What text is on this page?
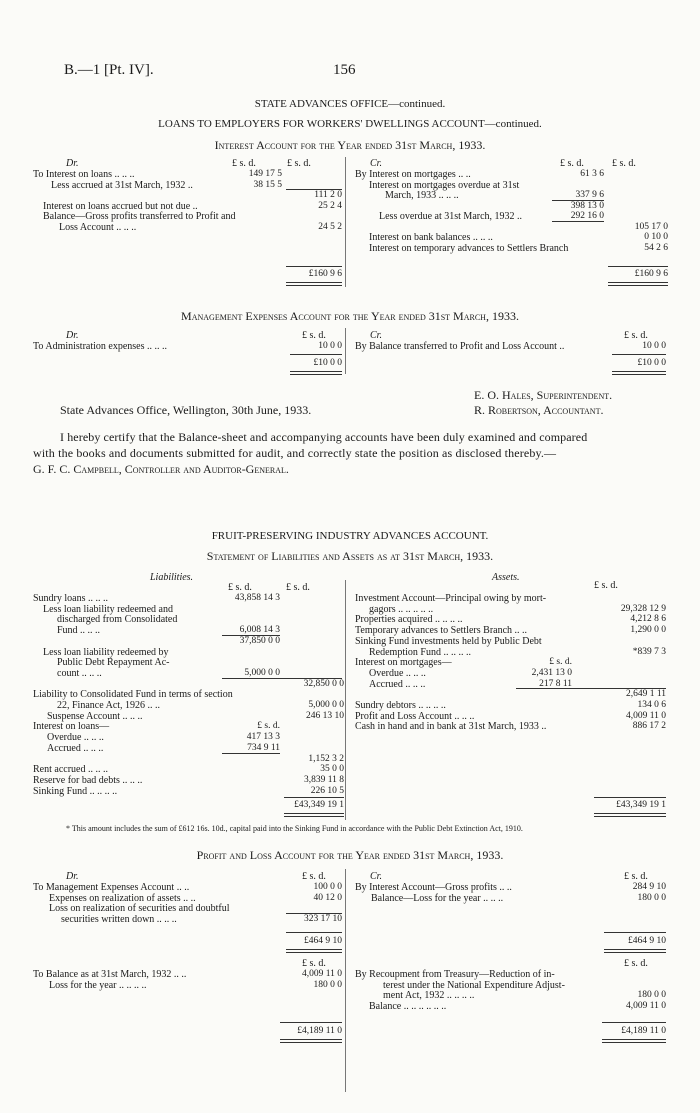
B.—1 [Pt. IV].	156
STATE ADVANCES OFFICE—continued.
LOANS TO EMPLOYERS FOR WORKERS' DWELLINGS ACCOUNT—continued.
Interest Account for the Year ended 31st March, 1933.
Dr.	£ s. d.	£ s. d.	Cr.	£ s. d.	£ s. d.
To Interest on loans .. .. ..	149 17 5
Less accrued at 31st March, 1932 ..	38 15 5
111 2 0
Interest on loans accrued but not due ..	25 2 4
Balance—Gross profits transferred to Profit and
Loss Account .. .. ..	24 5 2
By Interest on mortgages .. ..	61 3 6
Interest on mortgages overdue at 31st
March, 1933 .. .. ..	337 9 6
398 13 0
Less overdue at 31st March, 1932 ..	292 16 0
105 17 0
Interest on bank balances .. .. ..	0 10 0
Interest on temporary advances to Settlers Branch	54 2 6
£160 9 6	£160 9 6
Management Expenses Account for the Year ended 31st March, 1933.
Dr.	£ s. d.	Cr.	£ s. d.
To Administration expenses .. .. ..	10 0 0 By Balance transferred to Profit and Loss Account ..	10 0 0
£10 0 0	£10 0 0
E. O. Hales, Superintendent.
State Advances Office, Wellington, 30th June, 1933.	R. Robertson, Accountant.
I hereby certify that the Balance-sheet and accompanying accounts have been duly examined and compared
with the books and documents submitted for audit, and correctly state the position as disclosed thereby.—
G. F. C. Campbell, Controller and Auditor-General.
FRUIT-PRESERVING INDUSTRY ADVANCES ACCOUNT.
Statement of Liabilities and Assets as at 31st March, 1933.
Liabilities.	Assets.
£ s. d.	£ s. d.	£ s. d.
Sundry loans .. .. ..	43,858 14 3
Less loan liability redeemed and
discharged from Consolidated
Fund .. .. ..	6,008 14 3
37,850 0 0
Less loan liability redeemed by
Public Debt Repayment Ac-
count .. .. ..	5,000 0 0
32,850 0 0
Liability to Consolidated Fund in terms of section
22, Finance Act, 1926 .. ..	5,000 0 0
Suspense Account .. .. ..	246 13 10
Interest on loans—	£ s. d.
Overdue .. .. ..	417 13 3
Accrued .. .. ..	734 9 11
1,152 3 2
Rent accrued .. .. ..	35 0 0
Reserve for bad debts .. .. ..	3,839 11 8
Sinking Fund .. .. .. ..	226 10 5
Investment Account—Principal owing by mort-
gagors .. .. .. .. ..	29,328 12 9
Properties acquired .. .. .. ..	4,212 8 6
Temporary advances to Settlers Branch .. ..	1,290 0 0
Sinking Fund investments held by Public Debt
Redemption Fund .. .. .. ..	*839 7 3
Interest on mortgages—	£ s. d.
Overdue .. .. ..	2,431 13 0
Accrued .. .. ..	217 8 11
2,649 1 11
Sundry debtors .. .. .. ..	134 0 6
Profit and Loss Account .. .. ..	4,009 11 0
Cash in hand and in bank at 31st March, 1933 ..	886 17 2
£43,349 19 1	£43,349 19 1
* This amount includes the sum of £612 16s. 10d., capital paid into the Sinking Fund in accordance with the Public Debt Extinction Act, 1910.
Profit and Loss Account for the Year ended 31st March, 1933.
Dr.	£ s. d.	Cr.	£ s. d.
To Management Expenses Account .. ..	100 0 0
Expenses on realization of assets .. ..	40 12 0
Loss on realization of securities and doubtful
securities written down .. .. ..	323 17 10
By Interest Account—Gross profits .. ..	284 9 10
Balance—Loss for the year .. .. ..	180 0 0
£464 9 10	£464 9 10
£ s. d.	£ s. d.
To Balance as at 31st March, 1932 .. ..	4,009 11 0
Loss for the year .. .. .. ..	180 0 0
By Recoupment from Treasury—Reduction of in-
terest under the National Expenditure Adjust-
ment Act, 1932 .. .. .. ..	180 0 0
Balance .. .. .. .. .. ..	4,009 11 0
£4,189 11 0	£4,189 11 0
